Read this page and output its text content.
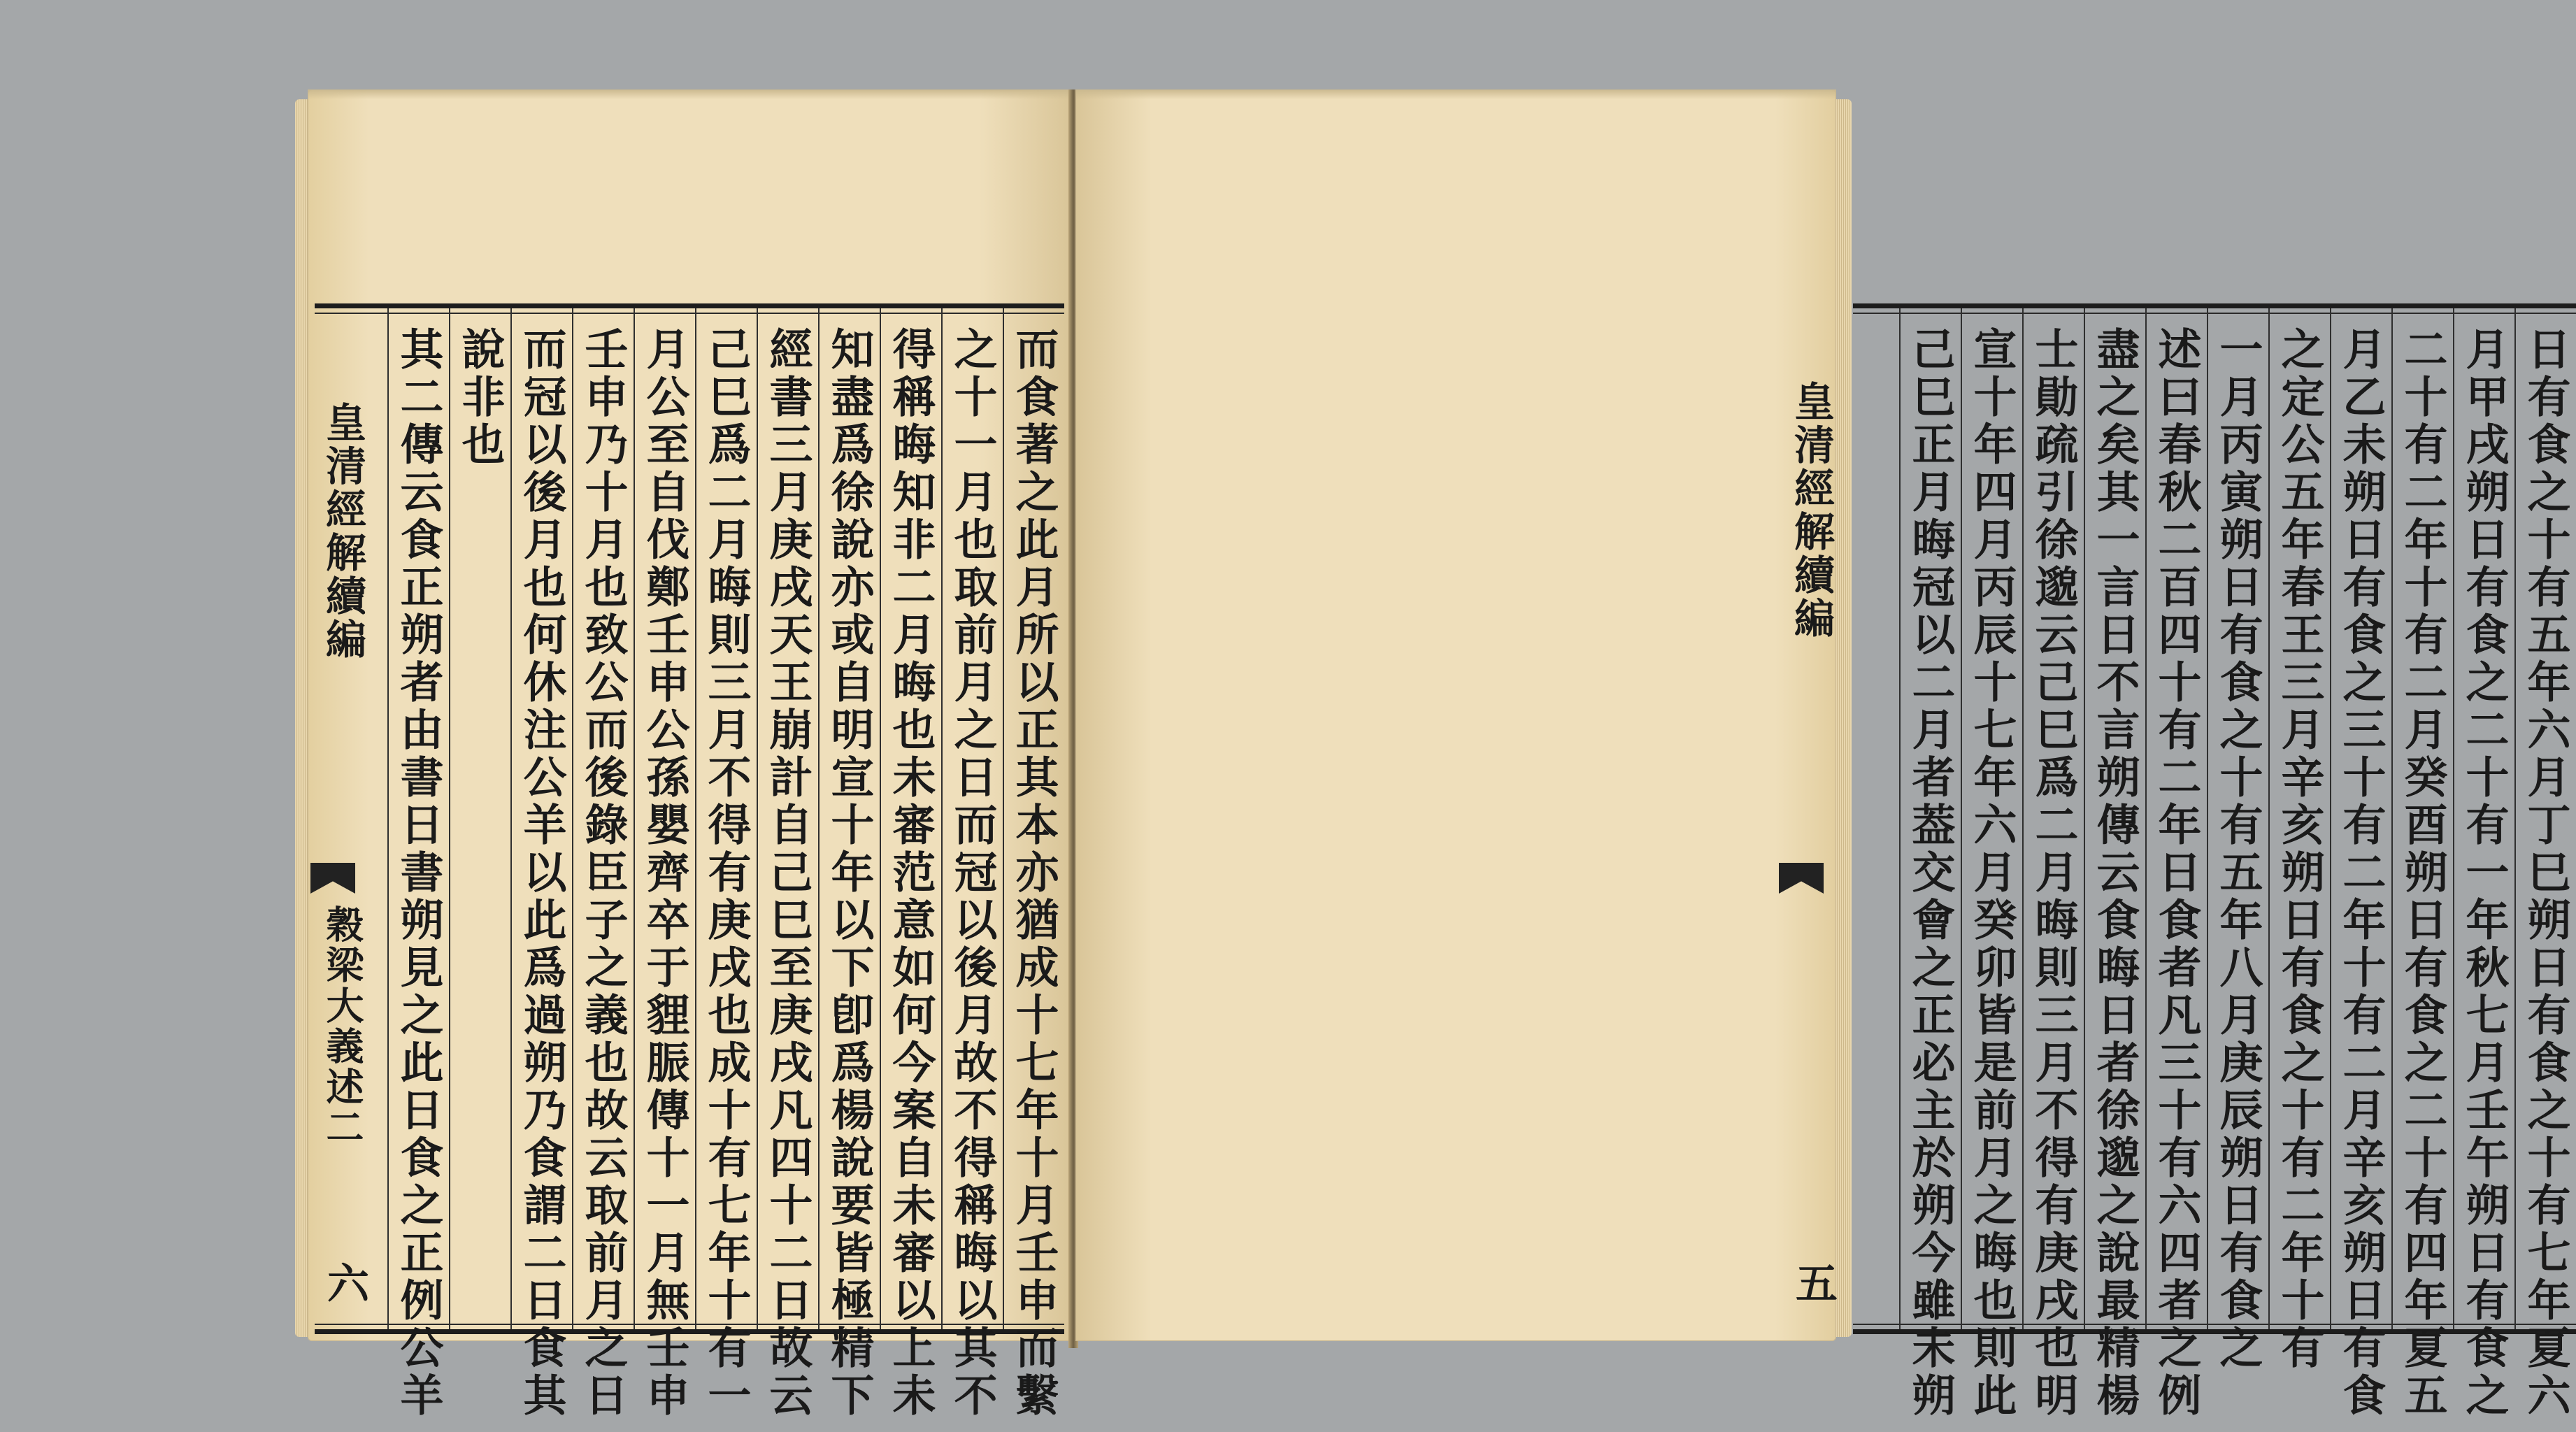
而食著之此月所以正其本亦猶成十七年十月壬申而繫
之十一月也取前月之日而冠以後月故不得稱晦以其不
得稱晦知非二月晦也未審范意如何今案自未審以上未
知盡爲徐說亦或自明宣十年以下卽爲楊說要皆極精下
經書三月庚戌天王崩計自己巳至庚戌凡四十二日故云
己巳爲二月晦則三月不得有庚戌也成十有七年十有一
月公至自伐鄭壬申公孫嬰齊卒于貍脤傳十一月無壬申
壬申乃十月也致公而後錄臣子之義也故云取前月之日
而冠以後月也何休注公羊以此爲過朔乃食謂二日食其
說非也
其二傳云食正朔者由書日書朔見之此日食之正例公羊
皇清經解續編
穀梁大義述二
六	日有食之十有五年六月丁巳朔日有食之十有七年夏六
月甲戌朔日有食之二十有一年秋七月壬午朔日有食之
二十有二年十有二月癸酉朔日有食之二十有四年夏五
月乙未朔日有食之三十有二年十有二月辛亥朔日有食
之定公五年春王三月辛亥朔日有食之十有二年十有
一月丙寅朔日有食之十有五年八月庚辰朔日有食之
述曰春秋二百四十有二年日食者凡三十有六四者之例
盡之矣其一言日不言朔傳云食晦日者徐邈之說最精楊
士勛疏引徐邈云己巳爲二月晦則三月不得有庚戌也明
宣十年四月丙辰十七年六月癸卯皆是前月之晦也則此
己巳正月晦冠以二月者葢交會之正必主於朔今雖未朔
皇清經解續編
五
